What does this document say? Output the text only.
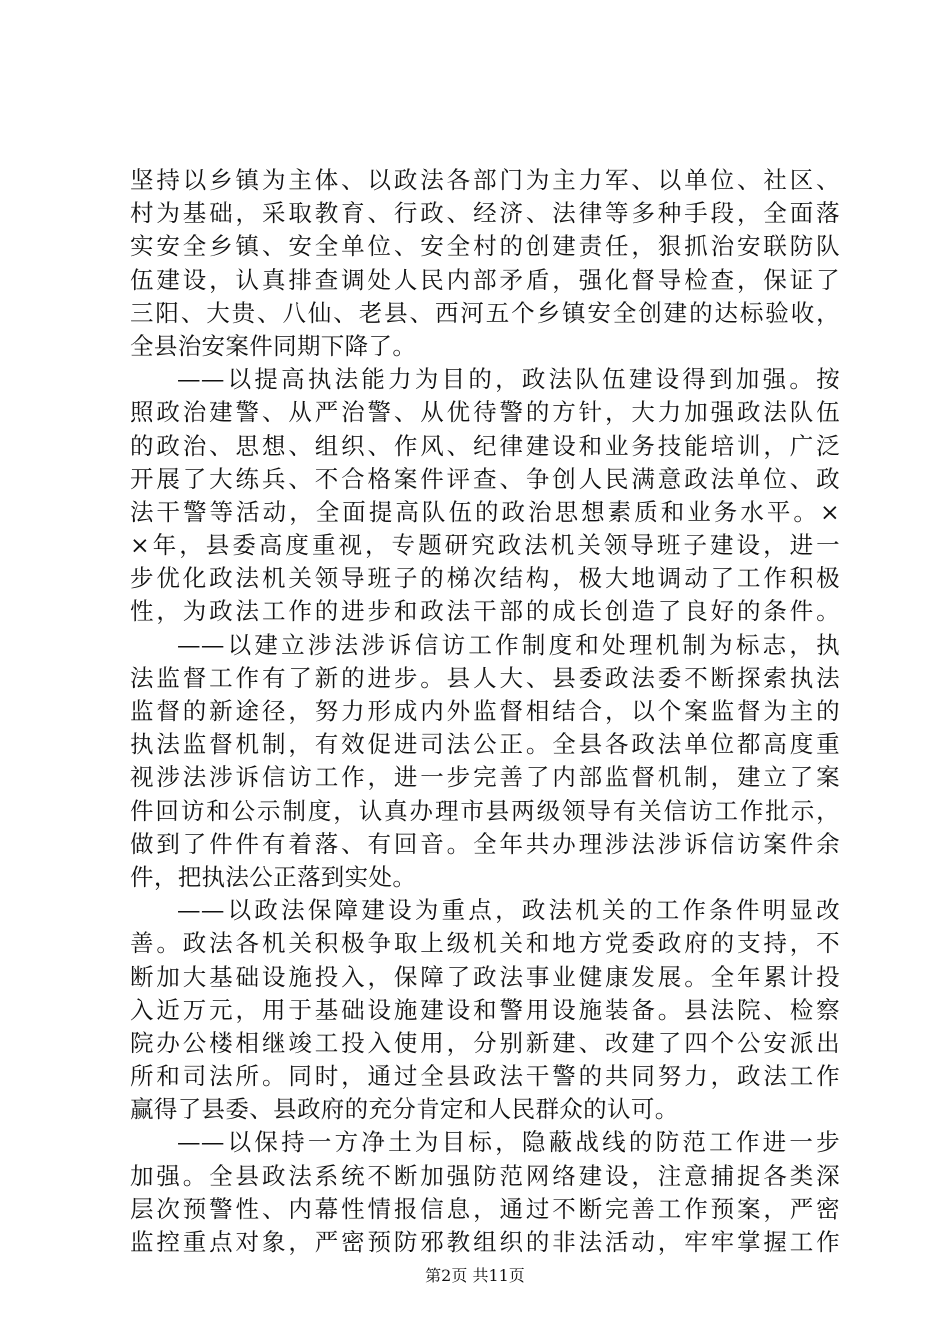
坚持以乡镇为主体、以政法各部门为主力军、以单位、社区、
村为基础，采取教育、行政、经济、法律等多种手段，全面落
实安全乡镇、安全单位、安全村的创建责任，狠抓治安联防队
伍建设，认真排查调处人民内部矛盾，强化督导检查，保证了
三阳、大贵、八仙、老县、西河五个乡镇安全创建的达标验收，
全县治安案件同期下降了。
——以提高执法能力为目的，政法队伍建设得到加强。按
照政治建警、从严治警、从优待警的方针，大力加强政法队伍
的政治、思想、组织、作风、纪律建设和业务技能培训，广泛
开展了大练兵、不合格案件评查、争创人民满意政法单位、政
法干警等活动，全面提高队伍的政治思想素质和业务水平。×
×年，县委高度重视，专题研究政法机关领导班子建设，进一
步优化政法机关领导班子的梯次结构，极大地调动了工作积极
性，为政法工作的进步和政法干部的成长创造了良好的条件。
——以建立涉法涉诉信访工作制度和处理机制为标志，执
法监督工作有了新的进步。县人大、县委政法委不断探索执法
监督的新途径，努力形成内外监督相结合，以个案监督为主的
执法监督机制，有效促进司法公正。全县各政法单位都高度重
视涉法涉诉信访工作，进一步完善了内部监督机制，建立了案
件回访和公示制度，认真办理市县两级领导有关信访工作批示，
做到了件件有着落、有回音。全年共办理涉法涉诉信访案件余
件，把执法公正落到实处。
——以政法保障建设为重点，政法机关的工作条件明显改
善。政法各机关积极争取上级机关和地方党委政府的支持，不
断加大基础设施投入，保障了政法事业健康发展。全年累计投
入近万元，用于基础设施建设和警用设施装备。县法院、检察
院办公楼相继竣工投入使用，分别新建、改建了四个公安派出
所和司法所。同时，通过全县政法干警的共同努力，政法工作
赢得了县委、县政府的充分肯定和人民群众的认可。
——以保持一方净土为目标，隐蔽战线的防范工作进一步
加强。全县政法系统不断加强防范网络建设，注意捕捉各类深
层次预警性、内幕性情报信息，通过不断完善工作预案，严密
监控重点对象，严密预防邪教组织的非法活动，牢牢掌握工作
第2页 共11页
